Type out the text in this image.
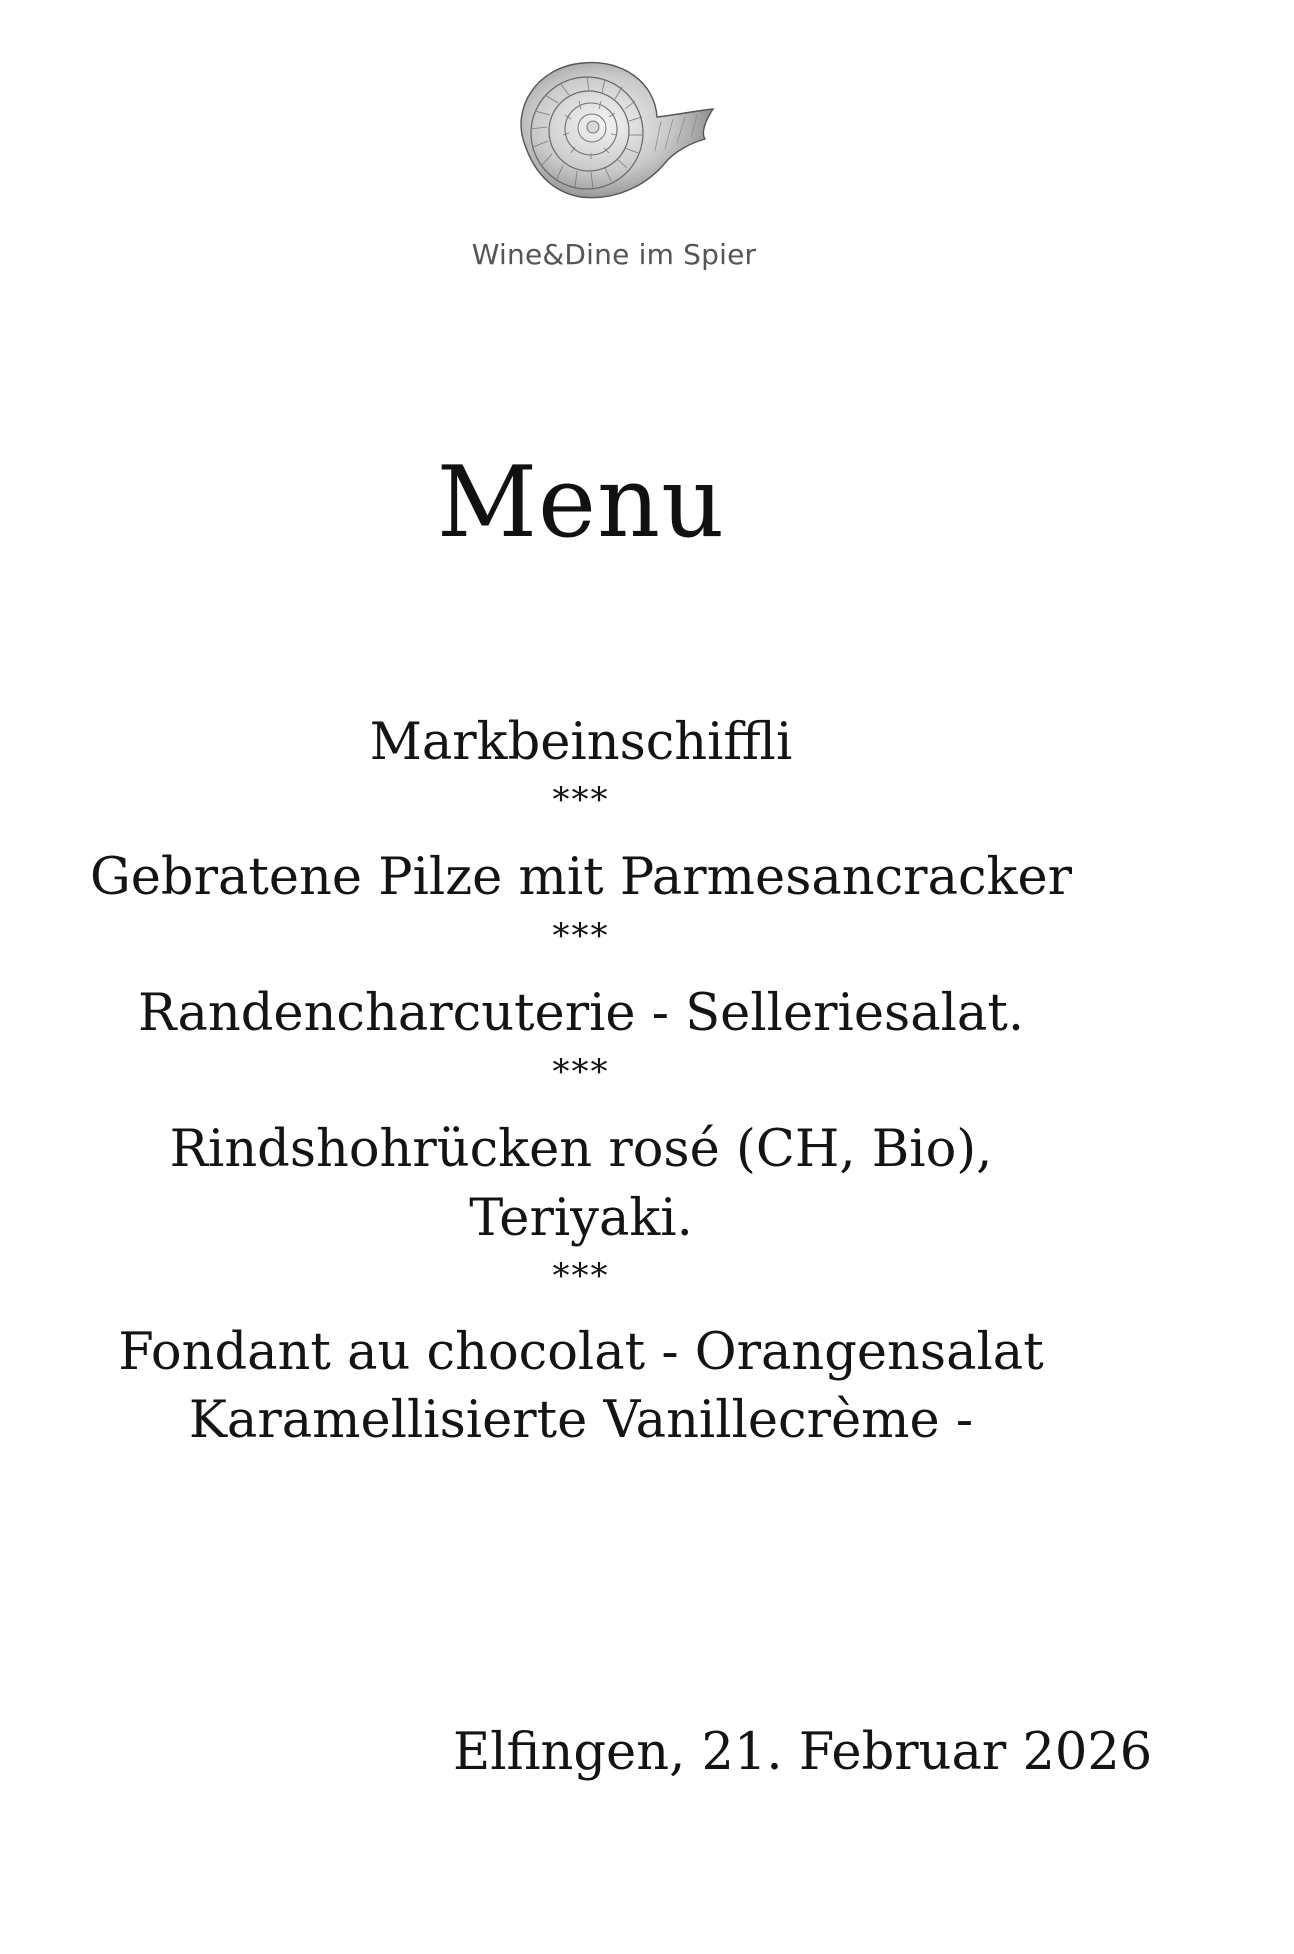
Wine&Dine im Spier
Menu
Markbeinschiffli
***
Gebratene Pilze mit Parmesancracker
***
Randencharcuterie - Selleriesalat.
***
Rindshohrücken rosé (CH, Bio),
Teriyaki.
***
Fondant au chocolat - Orangensalat
Karamellisierte Vanillecrème -
Elfingen, 21. Februar 2026
